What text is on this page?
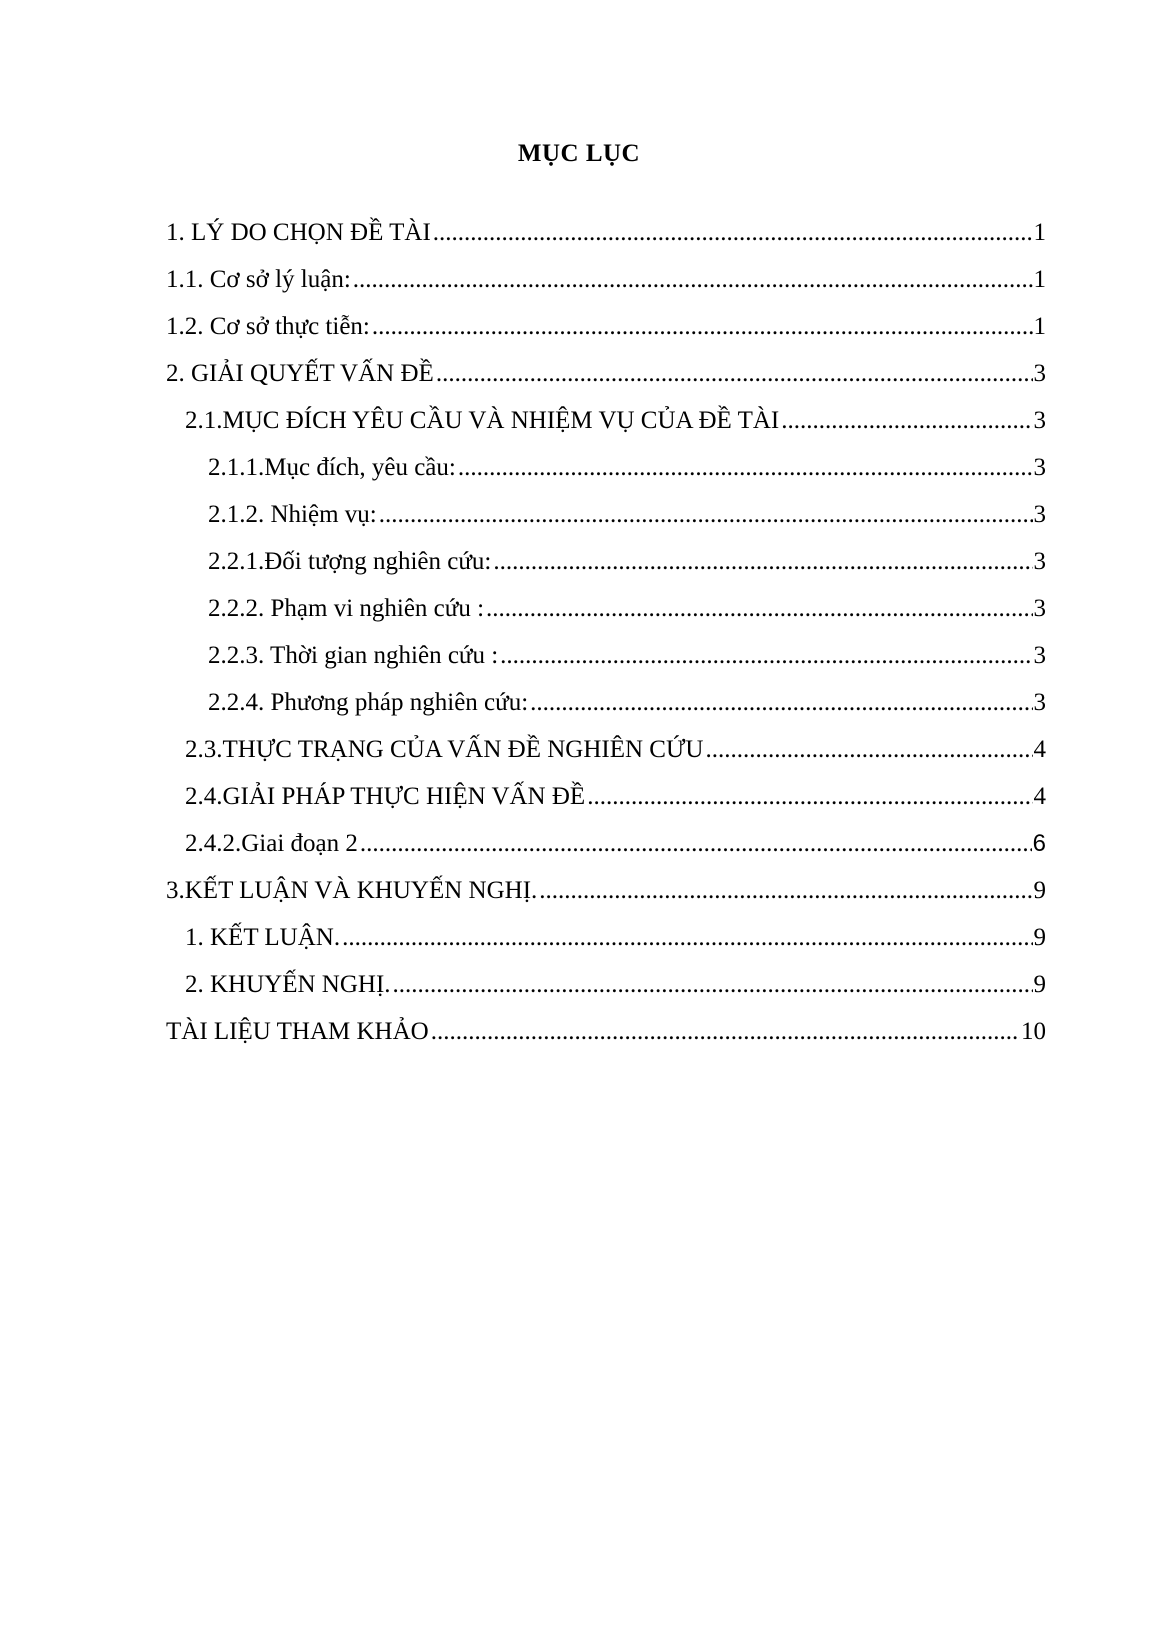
MỤC LỤC
1. LÝ DO CHỌN ĐỀ TÀI .....	1
1.1. Cơ sở lý luận: .....	1
1.2. Cơ sở thực tiễn: .....	1
2. GIẢI QUYẾT VẤN ĐỀ .....	3
2.1.MỤC ĐÍCH YÊU CẦU VÀ NHIỆM VỤ CỦA ĐỀ TÀI .....	3
2.1.1.Mục đích, yêu cầu: .....	3
2.1.2. Nhiệm vụ: .....	3
2.2.1.Đối tượng nghiên cứu: .....	3
2.2.2. Phạm vi nghiên cứu : .....	3
2.2.3. Thời gian nghiên cứu : .....	3
2.2.4. Phương pháp nghiên cứu: .....	3
2.3.THỰC TRẠNG CỦA VẤN ĐỀ NGHIÊN CỨU .....	4
2.4.GIẢI PHÁP THỰC HIỆN VẤN ĐỀ .....	4
2.4.2.Giai đoạn 2 .....	6
3.KẾT LUẬN VÀ KHUYẾN NGHỊ. .....	9
1. KẾT LUẬN. .....	9
2. KHUYẾN NGHỊ. .....	9
TÀI LIỆU THAM KHẢO .....	10
